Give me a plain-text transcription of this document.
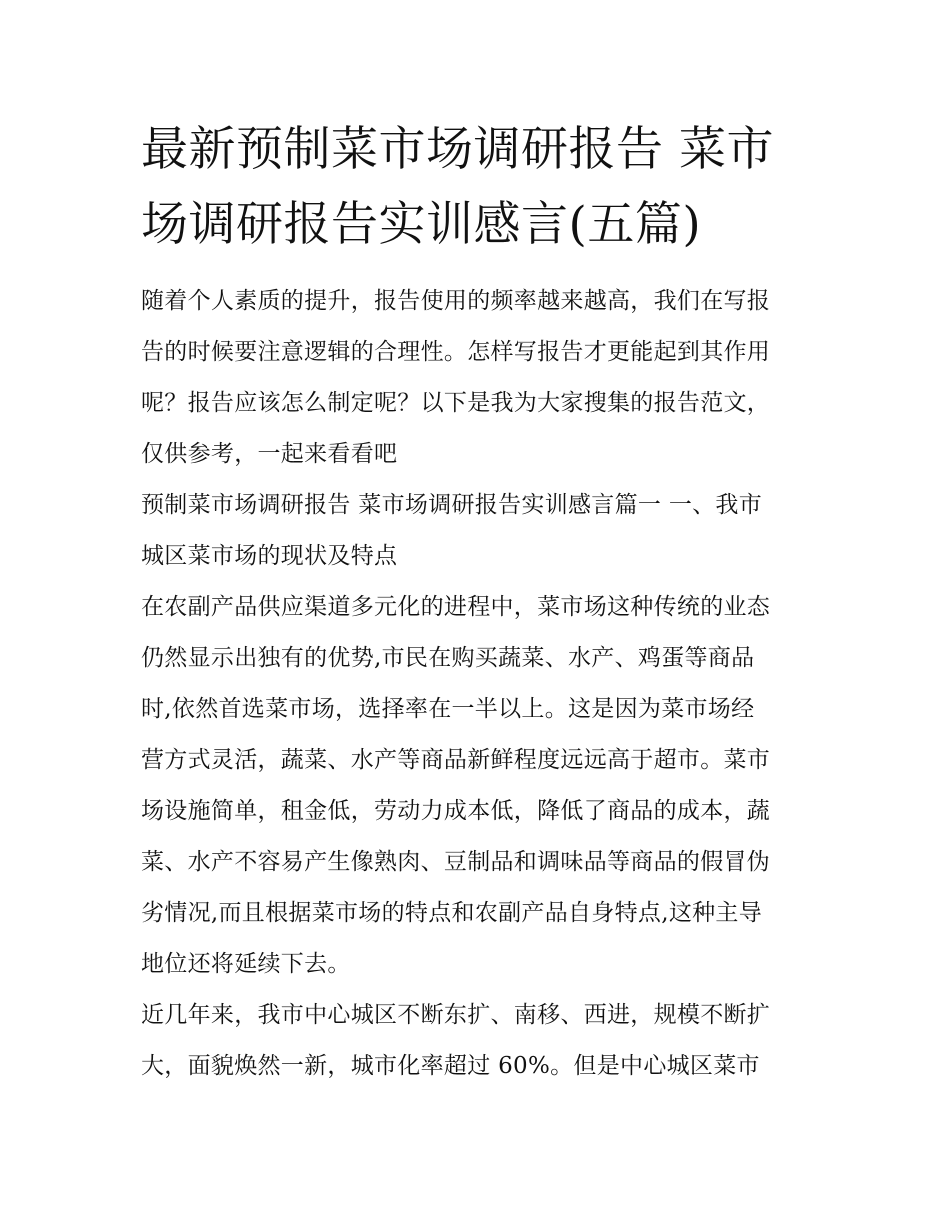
最新预制菜市场调研报告 菜市
场调研报告实训感言(五篇)

随着个人素质的提升，报告使用的频率越来越高，我们在写报
告的时候要注意逻辑的合理性。怎样写报告才更能起到其作用
呢？报告应该怎么制定呢？以下是我为大家搜集的报告范文，
仅供参考，一起来看看吧

预制菜市场调研报告 菜市场调研报告实训感言篇一 一、我市
城区菜市场的现状及特点

在农副产品供应渠道多元化的进程中，菜市场这种传统的业态
仍然显示出独有的优势,市民在购买蔬菜、水产、鸡蛋等商品
时,依然首选菜市场，选择率在一半以上。这是因为菜市场经
营方式灵活，蔬菜、水产等商品新鲜程度远远高于超市。菜市
场设施简单，租金低，劳动力成本低，降低了商品的成本，蔬
菜、水产不容易产生像熟肉、豆制品和调味品等商品的假冒伪
劣情况,而且根据菜市场的特点和农副产品自身特点,这种主导
地位还将延续下去。

近几年来，我市中心城区不断东扩、南移、西进，规模不断扩
大，面貌焕然一新，城市化率超过 60%。但是中心城区菜市
